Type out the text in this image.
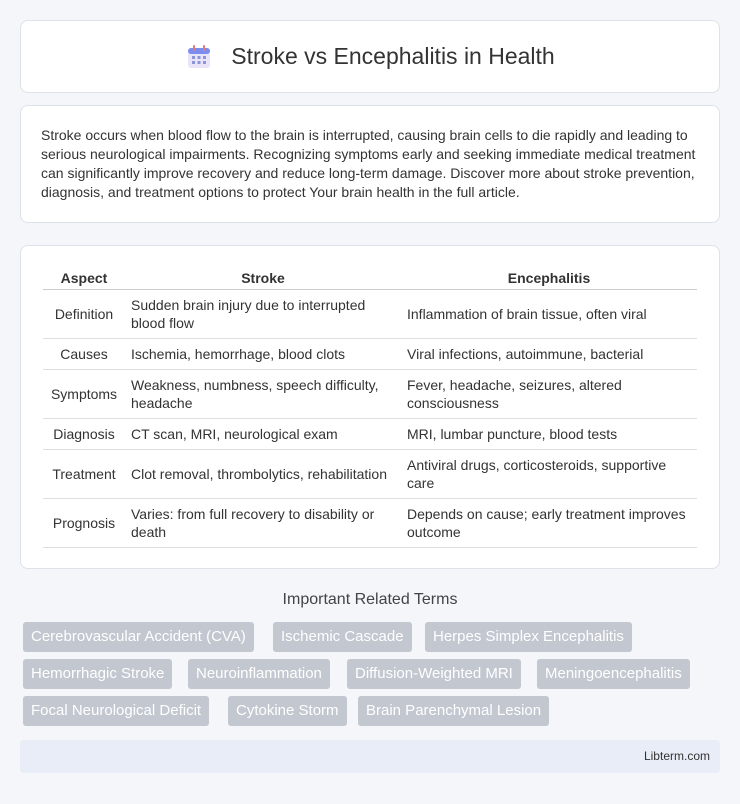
Stroke vs Encephalitis in Health

Stroke occurs when blood flow to the brain is interrupted, causing brain cells to die rapidly and leading to serious neurological impairments. Recognizing symptoms early and seeking immediate medical treatment can significantly improve recovery and reduce long-term damage. Discover more about stroke prevention, diagnosis, and treatment options to protect Your brain health in the full article.

Aspect	Stroke	Encephalitis
Definition	Sudden brain injury due to interrupted blood flow	Inflammation of brain tissue, often viral
Causes	Ischemia, hemorrhage, blood clots	Viral infections, autoimmune, bacterial
Symptoms	Weakness, numbness, speech difficulty, headache	Fever, headache, seizures, altered consciousness
Diagnosis	CT scan, MRI, neurological exam	MRI, lumbar puncture, blood tests
Treatment	Clot removal, thrombolytics, rehabilitation	Antiviral drugs, corticosteroids, supportive care
Prognosis	Varies: from full recovery to disability or death	Depends on cause; early treatment improves outcome
Important Related Terms
Cerebrovascular Accident (CVA)	Ischemic Cascade	Herpes Simplex Encephalitis
Hemorrhagic Stroke	Neuroinflammation	Diffusion-Weighted MRI	Meningoencephalitis
Focal Neurological Deficit	Cytokine Storm	Brain Parenchymal Lesion
Libterm.com
